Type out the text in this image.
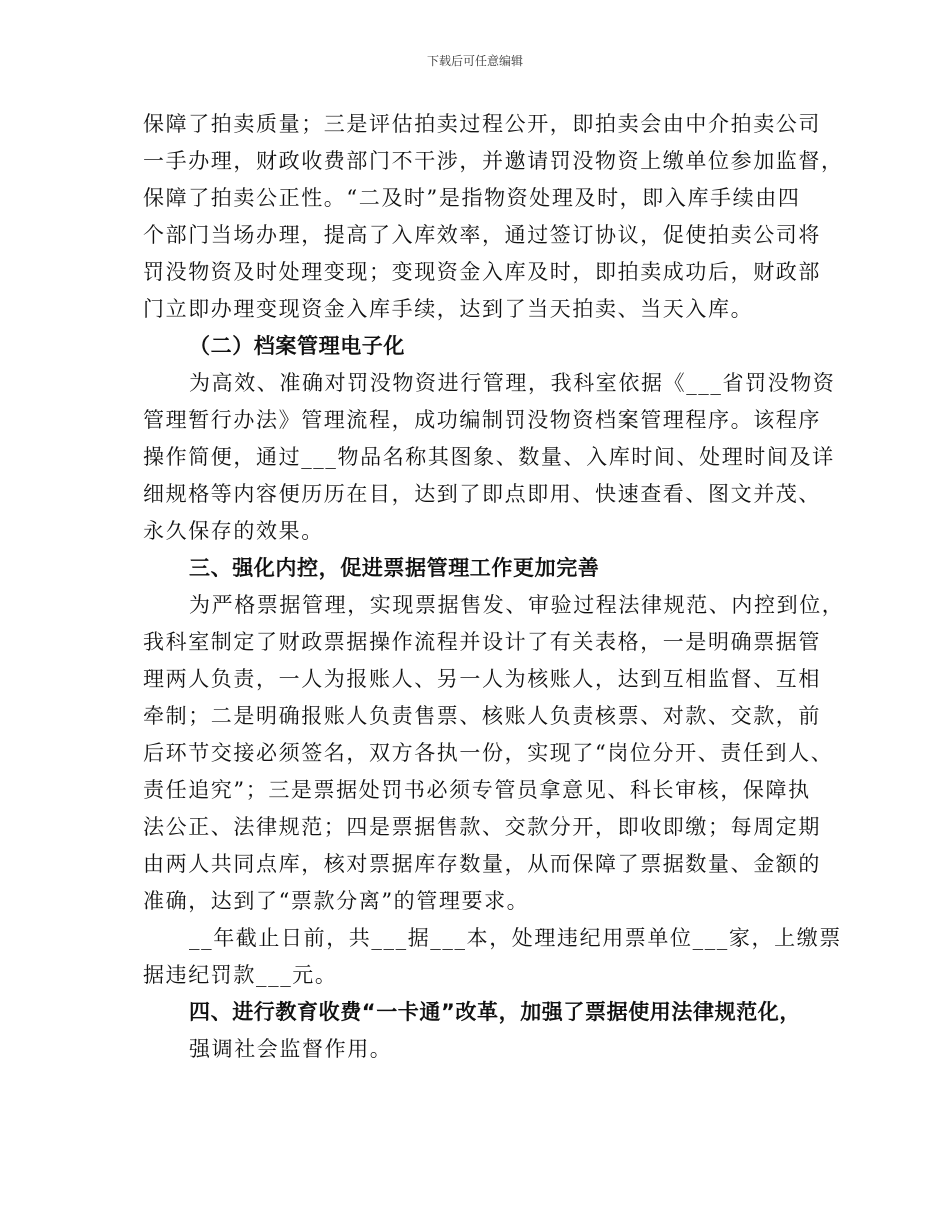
下载后可任意编辑
保障了拍卖质量；三是评估拍卖过程公开，即拍卖会由中介拍卖公司
一手办理，财政收费部门不干涉，并邀请罚没物资上缴单位参加监督，
保障了拍卖公正性。“二及时”是指物资处理及时，即入库手续由四
个部门当场办理，提高了入库效率，通过签订协议，促使拍卖公司将
罚没物资及时处理变现；变现资金入库及时，即拍卖成功后，财政部
门立即办理变现资金入库手续，达到了当天拍卖、当天入库。
（二）档案管理电子化
为高效、准确对罚没物资进行管理，我科室依据《___省罚没物资
管理暂行办法》管理流程，成功编制罚没物资档案管理程序。该程序
操作简便，通过___物品名称其图象、数量、入库时间、处理时间及详
细规格等内容便历历在目，达到了即点即用、快速查看、图文并茂、
永久保存的效果。
三、强化内控，促进票据管理工作更加完善
为严格票据管理，实现票据售发、审验过程法律规范、内控到位，
我科室制定了财政票据操作流程并设计了有关表格，一是明确票据管
理两人负责，一人为报账人、另一人为核账人，达到互相监督、互相
牵制；二是明确报账人负责售票、核账人负责核票、对款、交款，前
后环节交接必须签名，双方各执一份，实现了“岗位分开、责任到人、
责任追究”；三是票据处罚书必须专管员拿意见、科长审核，保障执
法公正、法律规范；四是票据售款、交款分开，即收即缴；每周定期
由两人共同点库，核对票据库存数量，从而保障了票据数量、金额的
准确，达到了“票款分离”的管理要求。
__年截止日前，共___据___本，处理违纪用票单位___家，上缴票
据违纪罚款___元。
四、进行教育收费“一卡通”改革，加强了票据使用法律规范化，
强调社会监督作用。
